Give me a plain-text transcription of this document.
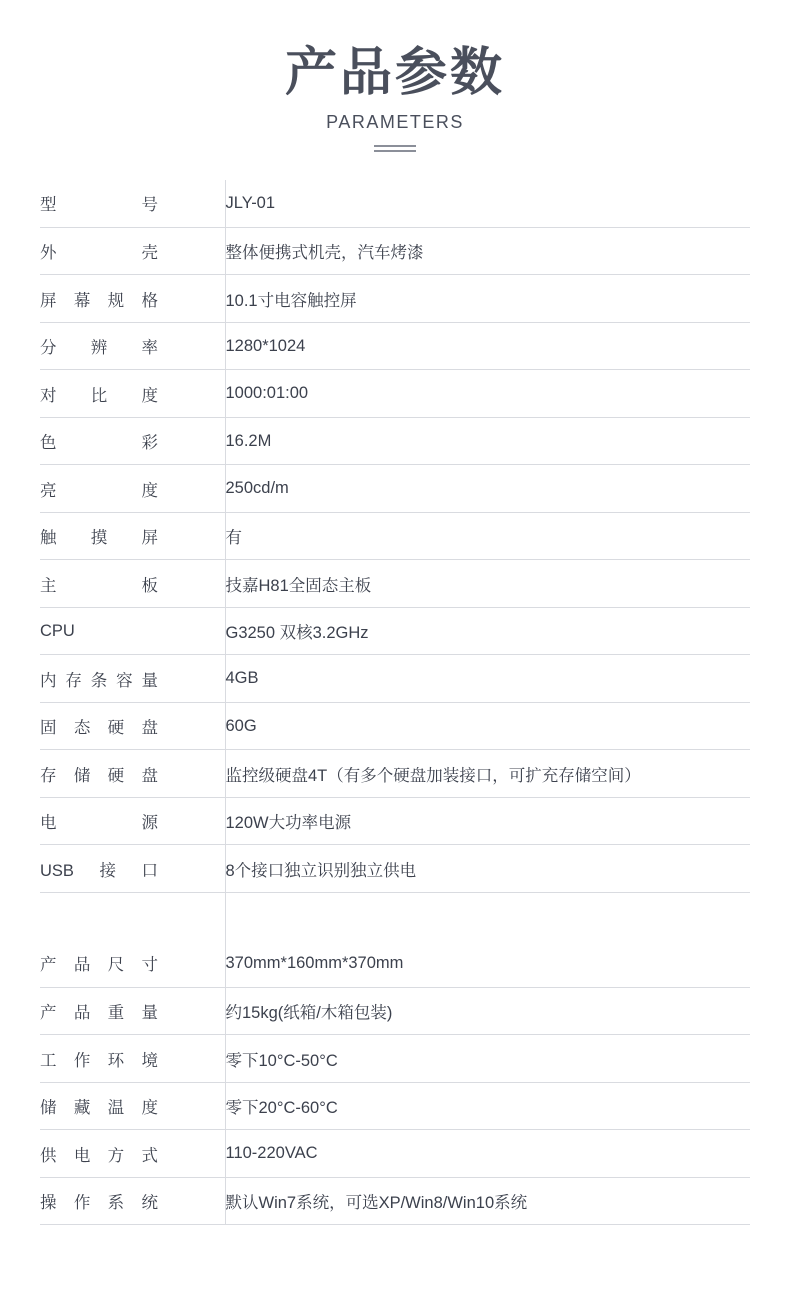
产品参数
PARAMETERS
型号	JLY-01

外壳	整体便携式机壳，汽车烤漆

屏幕规格	10.1寸电容触控屏

分辨率	1280*1024

对比度	1000:01:00

色彩	16.2M

亮度	250cd/m

触摸屏	有

主板	技嘉H81全固态主板

CPU	G3250 双核3.2GHz

内存条容量	4GB

固态硬盘	60G

存储硬盘	监控级硬盘4T（有多个硬盘加装接口，可扩充存储空间）

电源	120W大功率电源

USB接口	8个接口独立识别独立供电

产品尺寸	370mm*160mm*370mm

产品重量	约15kg(纸箱/木箱包装)

工作环境	零下10°C-50°C

储藏温度	零下20°C-60°C

供电方式	110-220VAC

操作系统	默认Win7系统，可选XP/Win8/Win10系统
